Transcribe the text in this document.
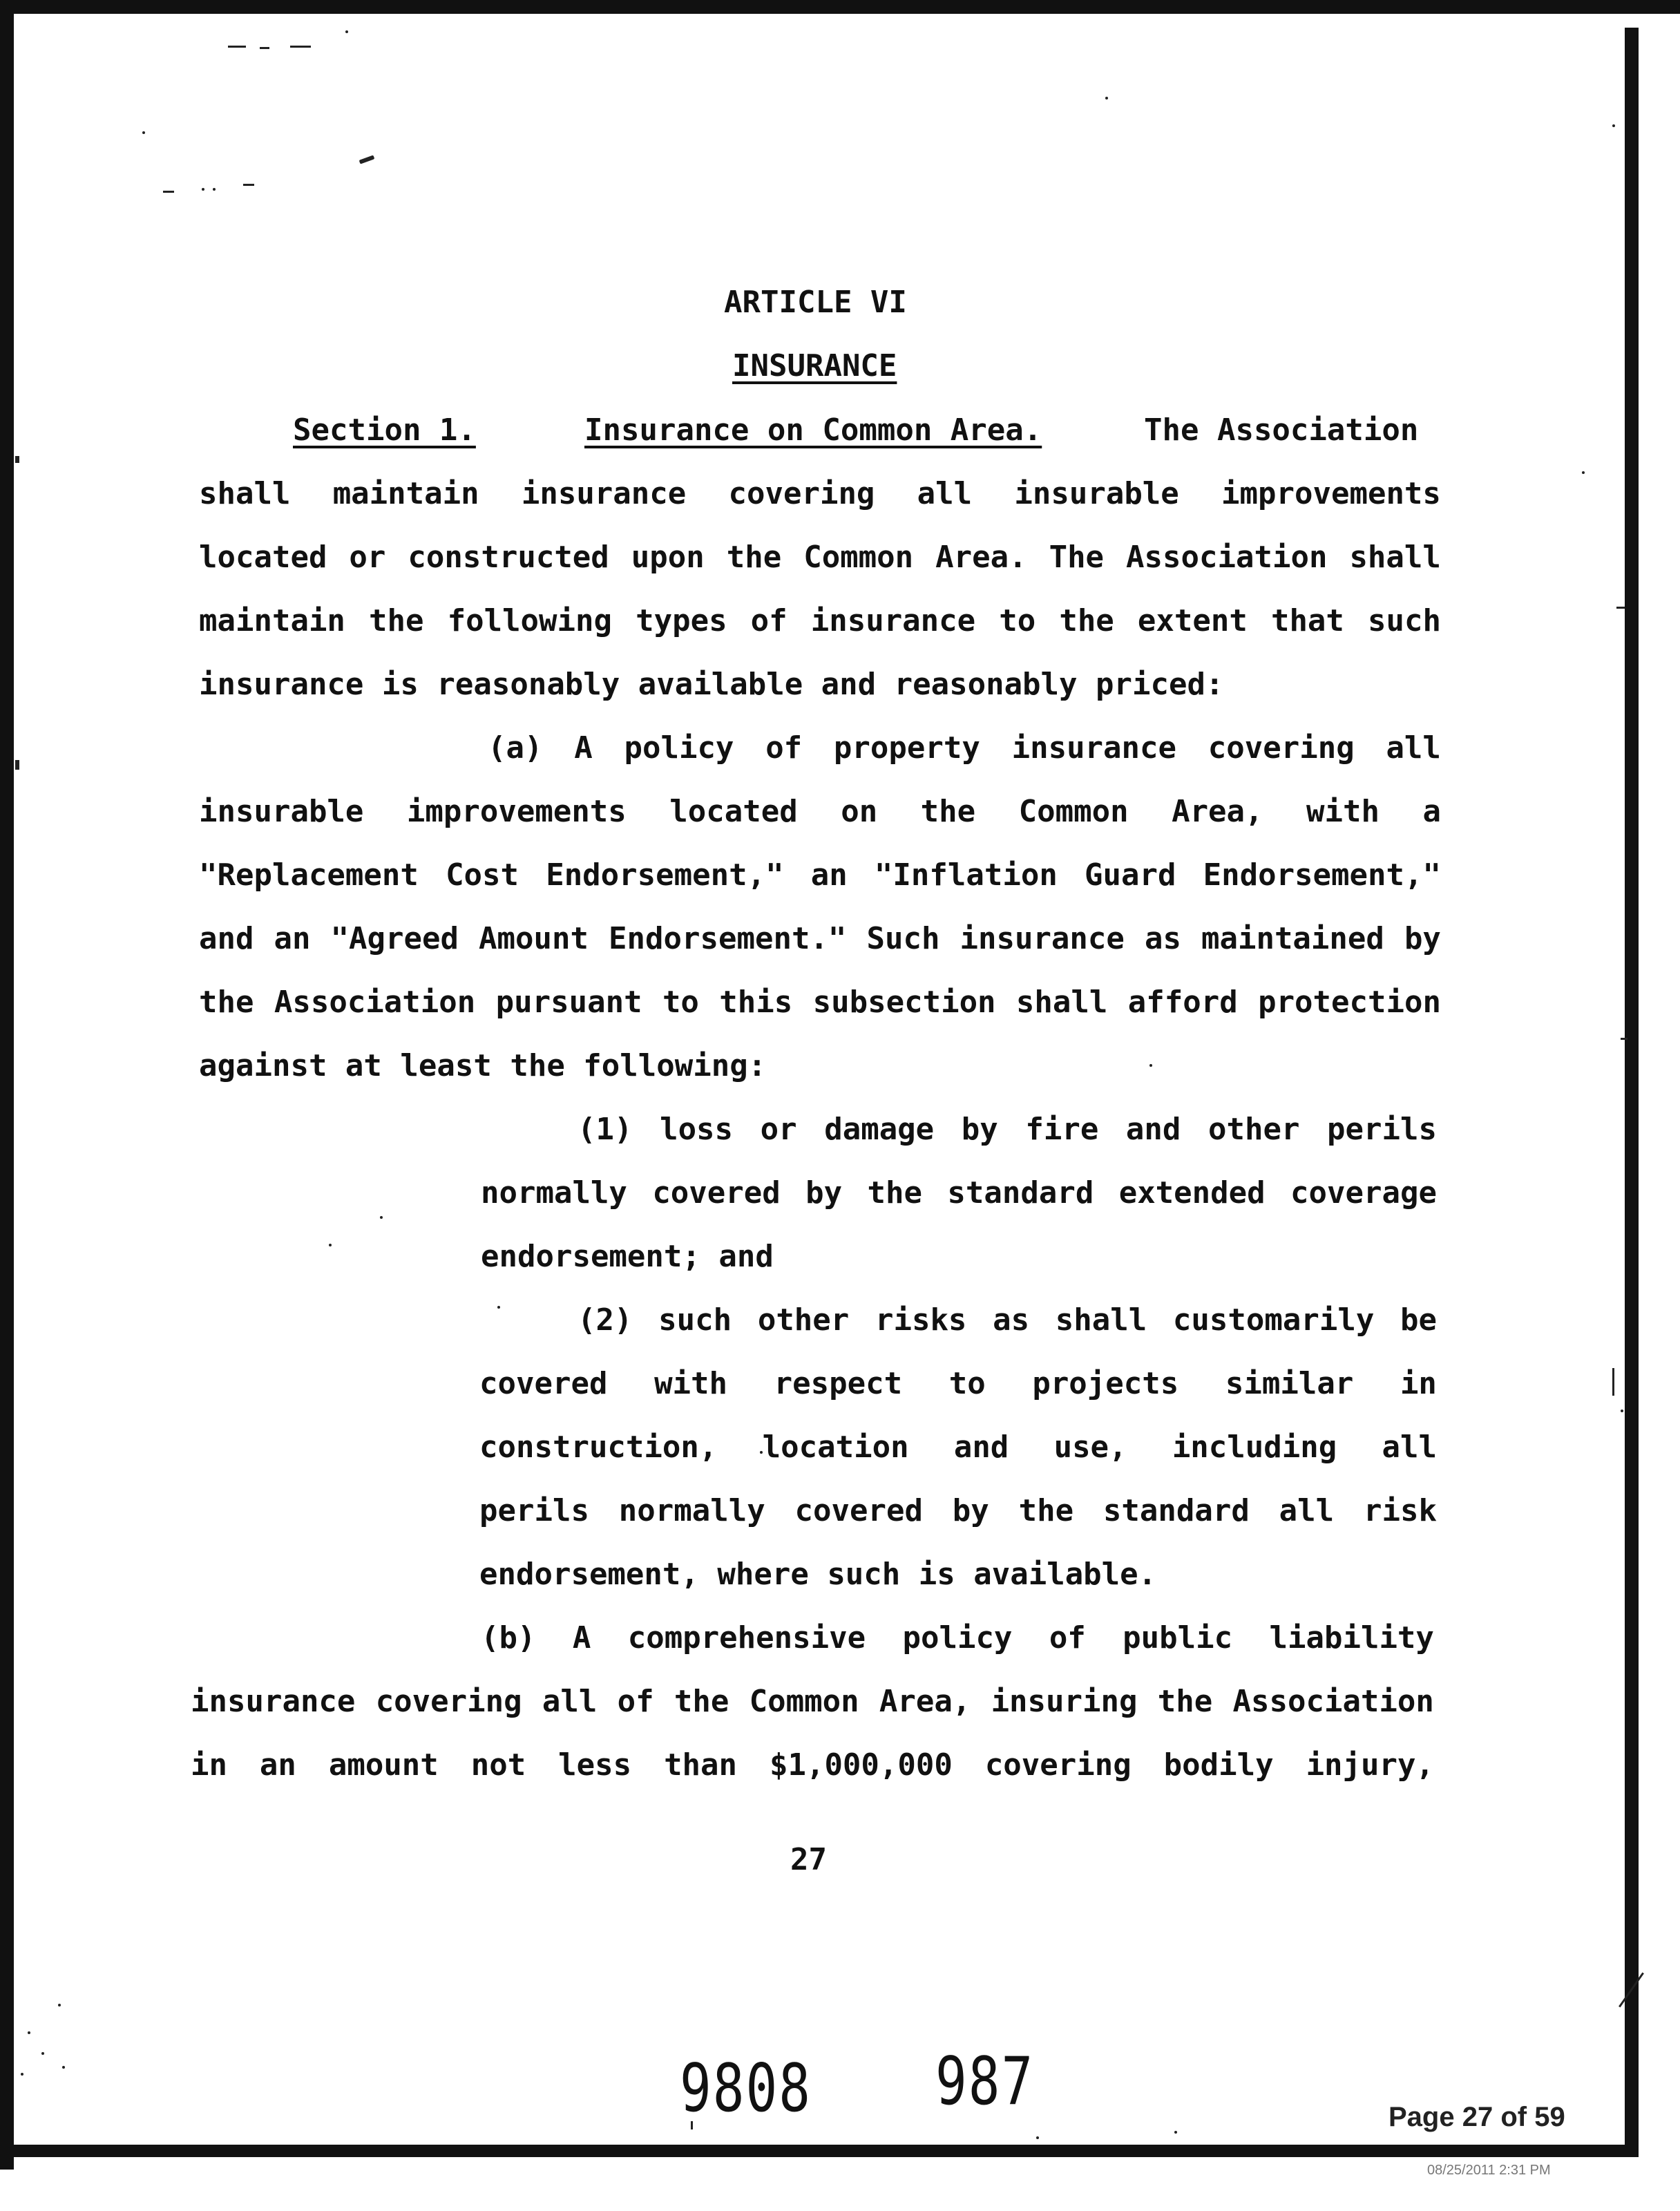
ARTICLE VI
INSURANCE
Section 1.	Insurance on Common Area.	The Association
shall maintain insurance covering all insurable improvements
located or constructed upon the Common Area. The Association shall
maintain the following types of insurance to the extent that such
insurance is reasonably available and reasonably priced:
(a) A policy of property insurance covering all
insurable improvements located on the Common Area, with a
"Replacement Cost Endorsement," an "Inflation Guard Endorsement,"
and an "Agreed Amount Endorsement." Such insurance as maintained by
the Association pursuant to this subsection shall afford protection
against at least the following:
(1) loss or damage by fire and other perils
normally covered by the standard extended coverage
endorsement; and
(2) such other risks as shall customarily be
covered with respect to projects similar in
construction, location and use, including all
perils normally covered by the standard all risk
endorsement, where such is available.
(b) A comprehensive policy of public liability
insurance covering all of the Common Area, insuring the Association
in an amount not less than $1,000,000 covering bodily injury,
27
9808 987	Page 27 of 59
08/25/2011 2:31 PM
